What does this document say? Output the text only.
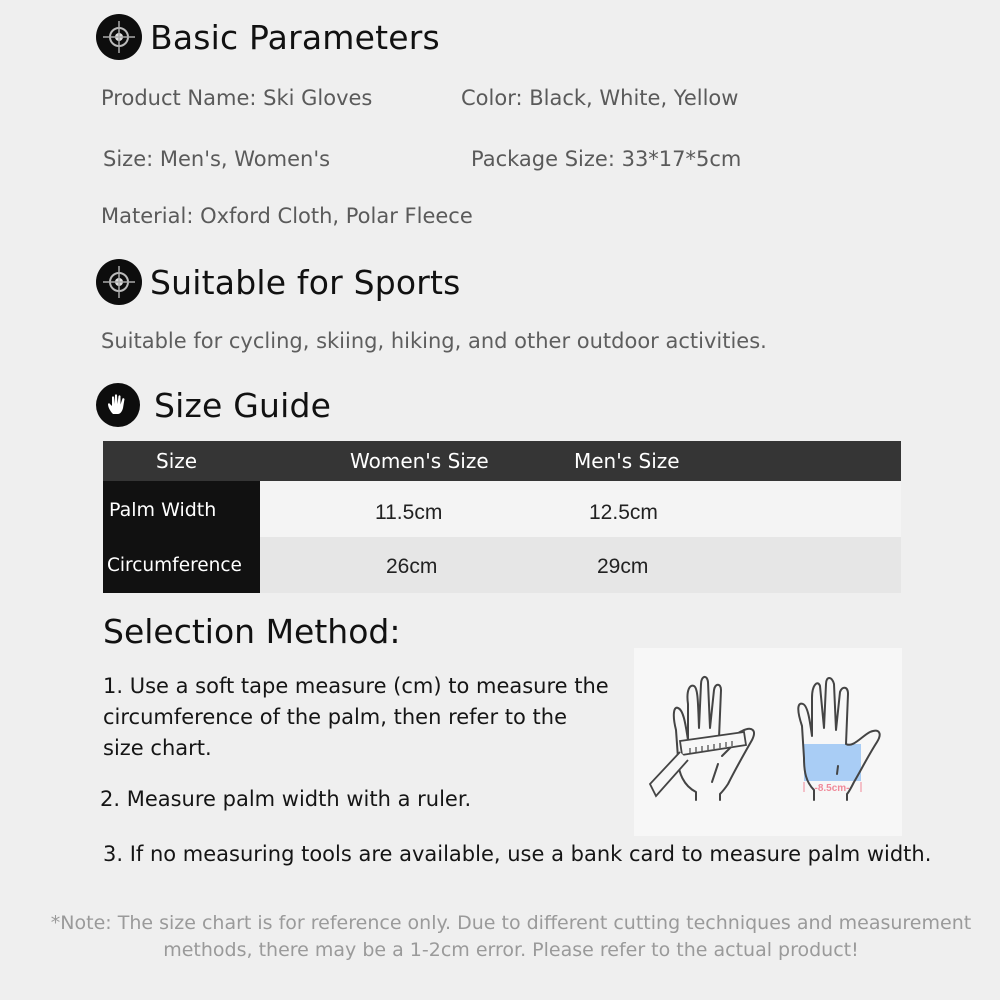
Basic Parameters
Product Name: Ski Gloves	Color: Black, White, Yellow
Size: Men's, Women's	Package Size: 33*17*5cm
Material: Oxford Cloth, Polar Fleece
Suitable for Sports
Suitable for cycling, skiing, hiking, and other outdoor activities.
Size Guide
Size	Women's Size	Men's Size
Palm Width	11.5cm	12.5cm
Circumference	26cm	29cm
Selection Method:
1. Use a soft tape measure (cm) to measure the circumference of the palm, then refer to the size chart.
2. Measure palm width with a ruler.
3. If no measuring tools are available, use a bank card to measure palm width.
-8.5cm-
*Note: The size chart is for reference only. Due to different cutting techniques and measurement methods, there may be a 1-2cm error. Please refer to the actual product!
